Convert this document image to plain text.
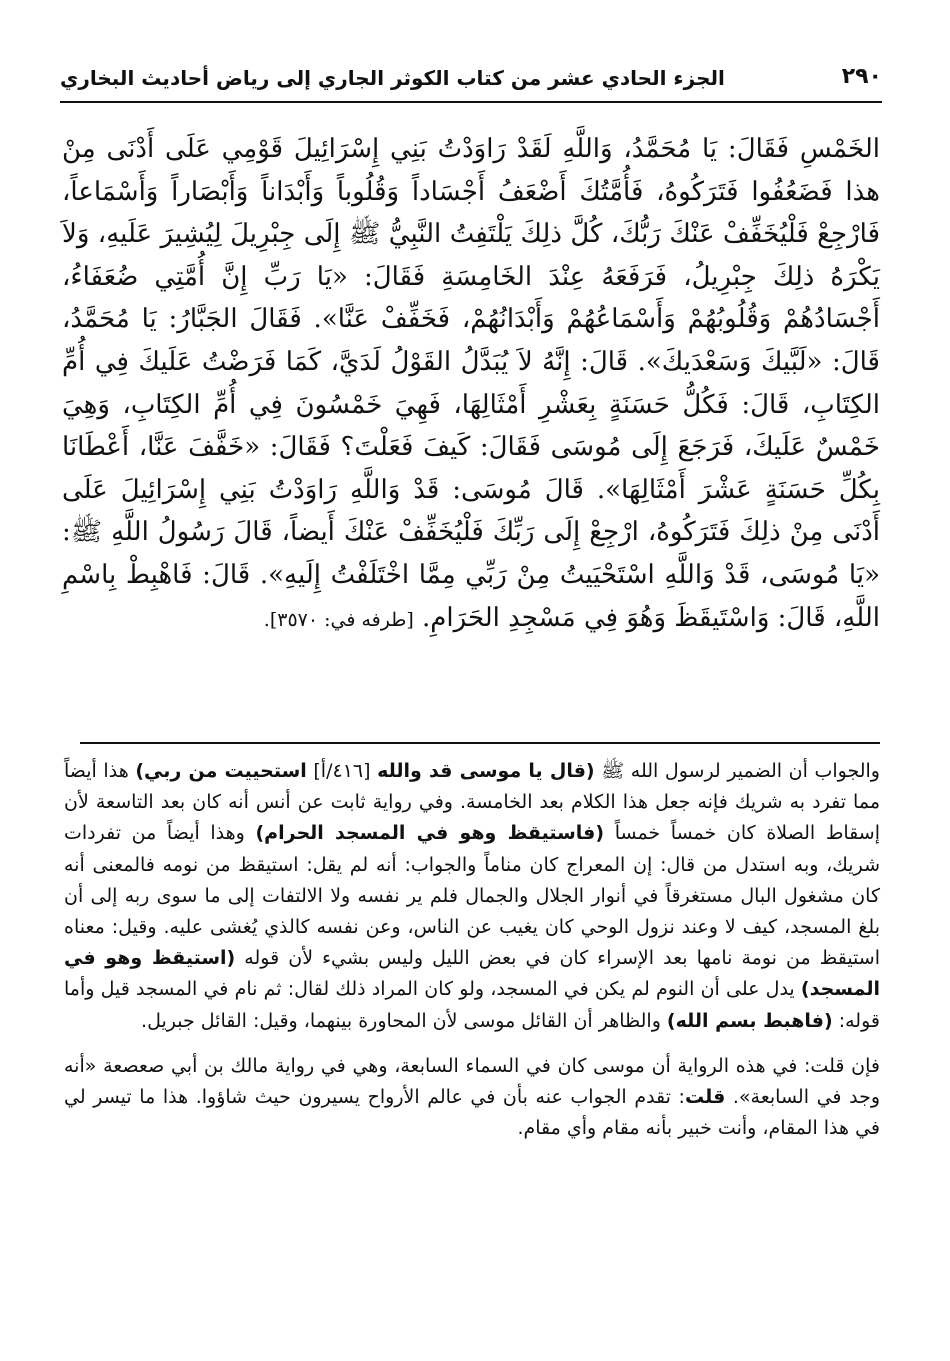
٢٩٠
الجزء الحادي عشر من كتاب الكوثر الجاري إلى رياض أحاديث البخاري

الخَمْسِ فَقَالَ: يَا مُحَمَّدُ، وَاللَّهِ لَقَدْ رَاوَدْتُ بَنِي إِسْرَائِيلَ قَوْمِي عَلَى أَدْنَى مِنْ هذا فَضَعُفُوا فَتَرَكُوهُ، فَأُمَّتُكَ أَضْعَفُ أَجْسَاداً وَقُلُوباً وَأَبْدَاناً وَأَبْصَاراً وَأَسْمَاعاً، فَارْجِعْ فَلْيُخَفِّفْ عَنْكَ رَبُّكَ، كُلَّ ذلِكَ يَلْتَفِتُ النَّبِيُّ ﷺ إِلَى جِبْرِيلَ لِيُشِيرَ عَلَيهِ، وَلاَ يَكْرَهُ ذلِكَ جِبْرِيلُ، فَرَفَعَهُ عِنْدَ الخَامِسَةِ فَقَالَ: «يَا رَبِّ إِنَّ أُمَّتِي ضُعَفَاءُ، أَجْسَادُهُمْ وَقُلُوبُهُمْ وَأَسْمَاعُهُمْ وَأَبْدَانُهُمْ، فَخَفِّفْ عَنَّا». فَقَالَ الجَبَّارُ: يَا مُحَمَّدُ، قَالَ: «لَبَّيكَ وَسَعْدَيكَ». قَالَ: إِنَّهُ لاَ يُبَدَّلُ القَوْلُ لَدَيَّ، كَمَا فَرَضْتُ عَلَيكَ فِي أُمِّ الكِتَابِ، قَالَ: فَكُلُّ حَسَنَةٍ بِعَشْرِ أَمْثَالِهَا، فَهِيَ خَمْسُونَ فِي أُمِّ الكِتَابِ، وَهِيَ خَمْسٌ عَلَيكَ، فَرَجَعَ إِلَى مُوسَى فَقَالَ: كَيفَ فَعَلْتَ؟ فَقَالَ: «خَفَّفَ عَنَّا، أَعْطَانَا بِكُلِّ حَسَنَةٍ عَشْرَ أَمْثَالِهَا». قَالَ مُوسَى: قَدْ وَاللَّهِ رَاوَدْتُ بَنِي إِسْرَائِيلَ عَلَى أَدْنَى مِنْ ذلِكَ فَتَرَكُوهُ، ارْجِعْ إِلَى رَبِّكَ فَلْيُخَفِّفْ عَنْكَ أَيضاً، قَالَ رَسُولُ اللَّهِ ﷺ: «يَا مُوسَى، قَدْ وَاللَّهِ اسْتَحْيَيتُ مِنْ رَبِّي مِمَّا اخْتَلَفْتُ إِلَيهِ». قَالَ: فَاهْبِطْ بِاسْمِ اللَّهِ، قَالَ: وَاسْتَيقَظَ وَهُوَ فِي مَسْجِدِ الحَرَامِ. [طرفه في: ٣٥٧٠].

والجواب أن الضمير لرسول الله ﷺ (قال يا موسى قد والله [٤١٦/أ] استحييت من ربي) هذا أيضاً مما تفرد به شريك فإنه جعل هذا الكلام بعد الخامسة. وفي رواية ثابت عن أنس أنه كان بعد التاسعة لأن إسقاط الصلاة كان خمساً خمساً (فاستيقظ وهو في المسجد الحرام) وهذا أيضاً من تفردات شريك، وبه استدل من قال: إن المعراج كان مناماً والجواب: أنه لم يقل: استيقظ من نومه فالمعنى أنه كان مشغول البال مستغرقاً في أنوار الجلال والجمال فلم ير نفسه ولا الالتفات إلى ما سوى ربه إلى أن بلغ المسجد، كيف لا وعند نزول الوحي كان يغيب عن الناس، وعن نفسه كالذي يُغشى عليه. وقيل: معناه استيقظ من نومة نامها بعد الإسراء كان في بعض الليل وليس بشيء لأن قوله (استيقظ وهو في المسجد) يدل على أن النوم لم يكن في المسجد، ولو كان المراد ذلك لقال: ثم نام في المسجد قيل وأما قوله: (فاهبط بسم الله) والظاهر أن القائل موسى لأن المحاورة بينهما، وقيل: القائل جبريل.

فإن قلت: في هذه الرواية أن موسى كان في السماء السابعة، وهي في رواية مالك بن أبي صعصعة «أنه وجد في السابعة». قلت: تقدم الجواب عنه بأن في عالم الأرواح يسيرون حيث شاؤوا. هذا ما تيسر لي في هذا المقام، وأنت خبير بأنه مقام وأي مقام.
